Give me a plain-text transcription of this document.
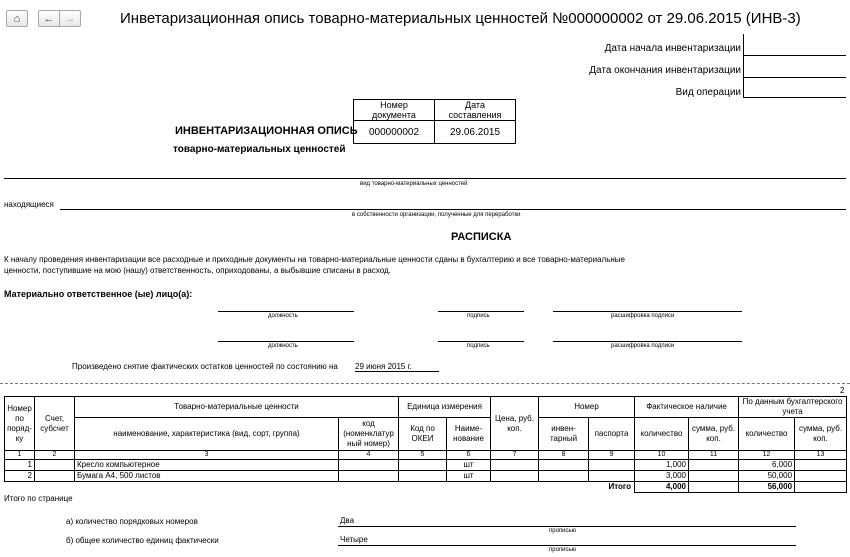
⌂ ← →	Инветаризационная опись товарно-материальных ценностей №000000002 от 29.06.2015 (ИНВ-3)
Дата начала инвентаризации
Дата окончания инвентаризации
Вид операции
Номер документа	Дата составления
000000002	29.06.2015
ИНВЕНТАРИЗАЦИОННАЯ ОПИСЬ
товарно-материальных ценностей
вид товарно-материальных ценностей
находящиеся
в собственности организации, полученные для переработки
РАСПИСКА
К началу проведения инвентаризации все расходные и приходные документы на товарно-материальные ценности сданы в бухгалтерию и все товарно-материальные
ценности, поступившие на мою (нашу) ответственность, оприходованы, а выбывшие списаны в расход.
Материально ответственное (ые) лицо(а):
должность	подпись	расшифровка подписи
должность	подпись	расшифровка подписи
Произведено снятие фактических остатков ценностей по состоянию на 29 июня 2015 г.
2
Номер по поряд-ку	Счет, субсчет	Товарно-материальные ценности		Единица измерения		Цена, руб. коп.	Номер		Фактическое наличие		По данным бухгалтерского учета	
		наименование, характеристика (вид, сорт, группа)	код (номенклатур ный номер)	Код по ОКЕИ	Наиме-нование		инвен-тарный	паспорта	количество	сумма, руб. коп.	количество	сумма, руб. коп.
1	2	3	4	5	6	7	8	9	10	11	12	13
1		Кресло компьютерное			шт				1,000		6,000	
2		Бумага А4, 500 листов			шт				3,000		50,000	
Итого									4,000		56,000	
Итого по странице
а) количество порядковых номеров	Два
прописью
б) общее количество единиц фактически	Четыре
прописью
